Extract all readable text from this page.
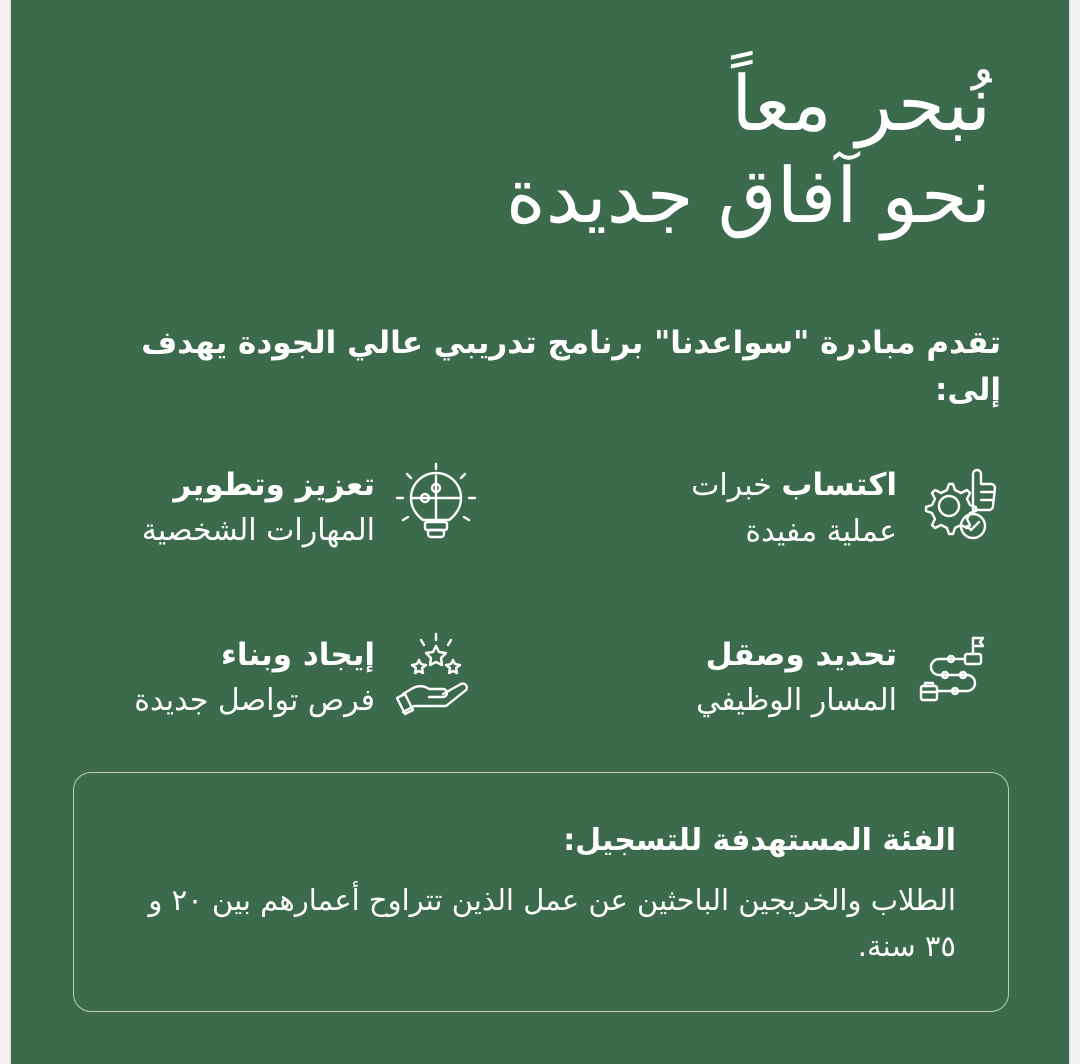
نُبحر معاً
نحو آفاق جديدة
تقدم مبادرة "سواعدنا" برنامج تدريبي عالي الجودة يهدف إلى:
اكتساب خبرات
عملية مفيدة
تعزيز وتطوير
المهارات الشخصية
تحديد وصقل
المسار الوظيفي
إيجاد وبناء
فرص تواصل جديدة
الفئة المستهدفة للتسجيل:
الطلاب والخريجين الباحثين عن عمل الذين تتراوح أعمارهم بين ٢٠ و ٣٥ سنة.
